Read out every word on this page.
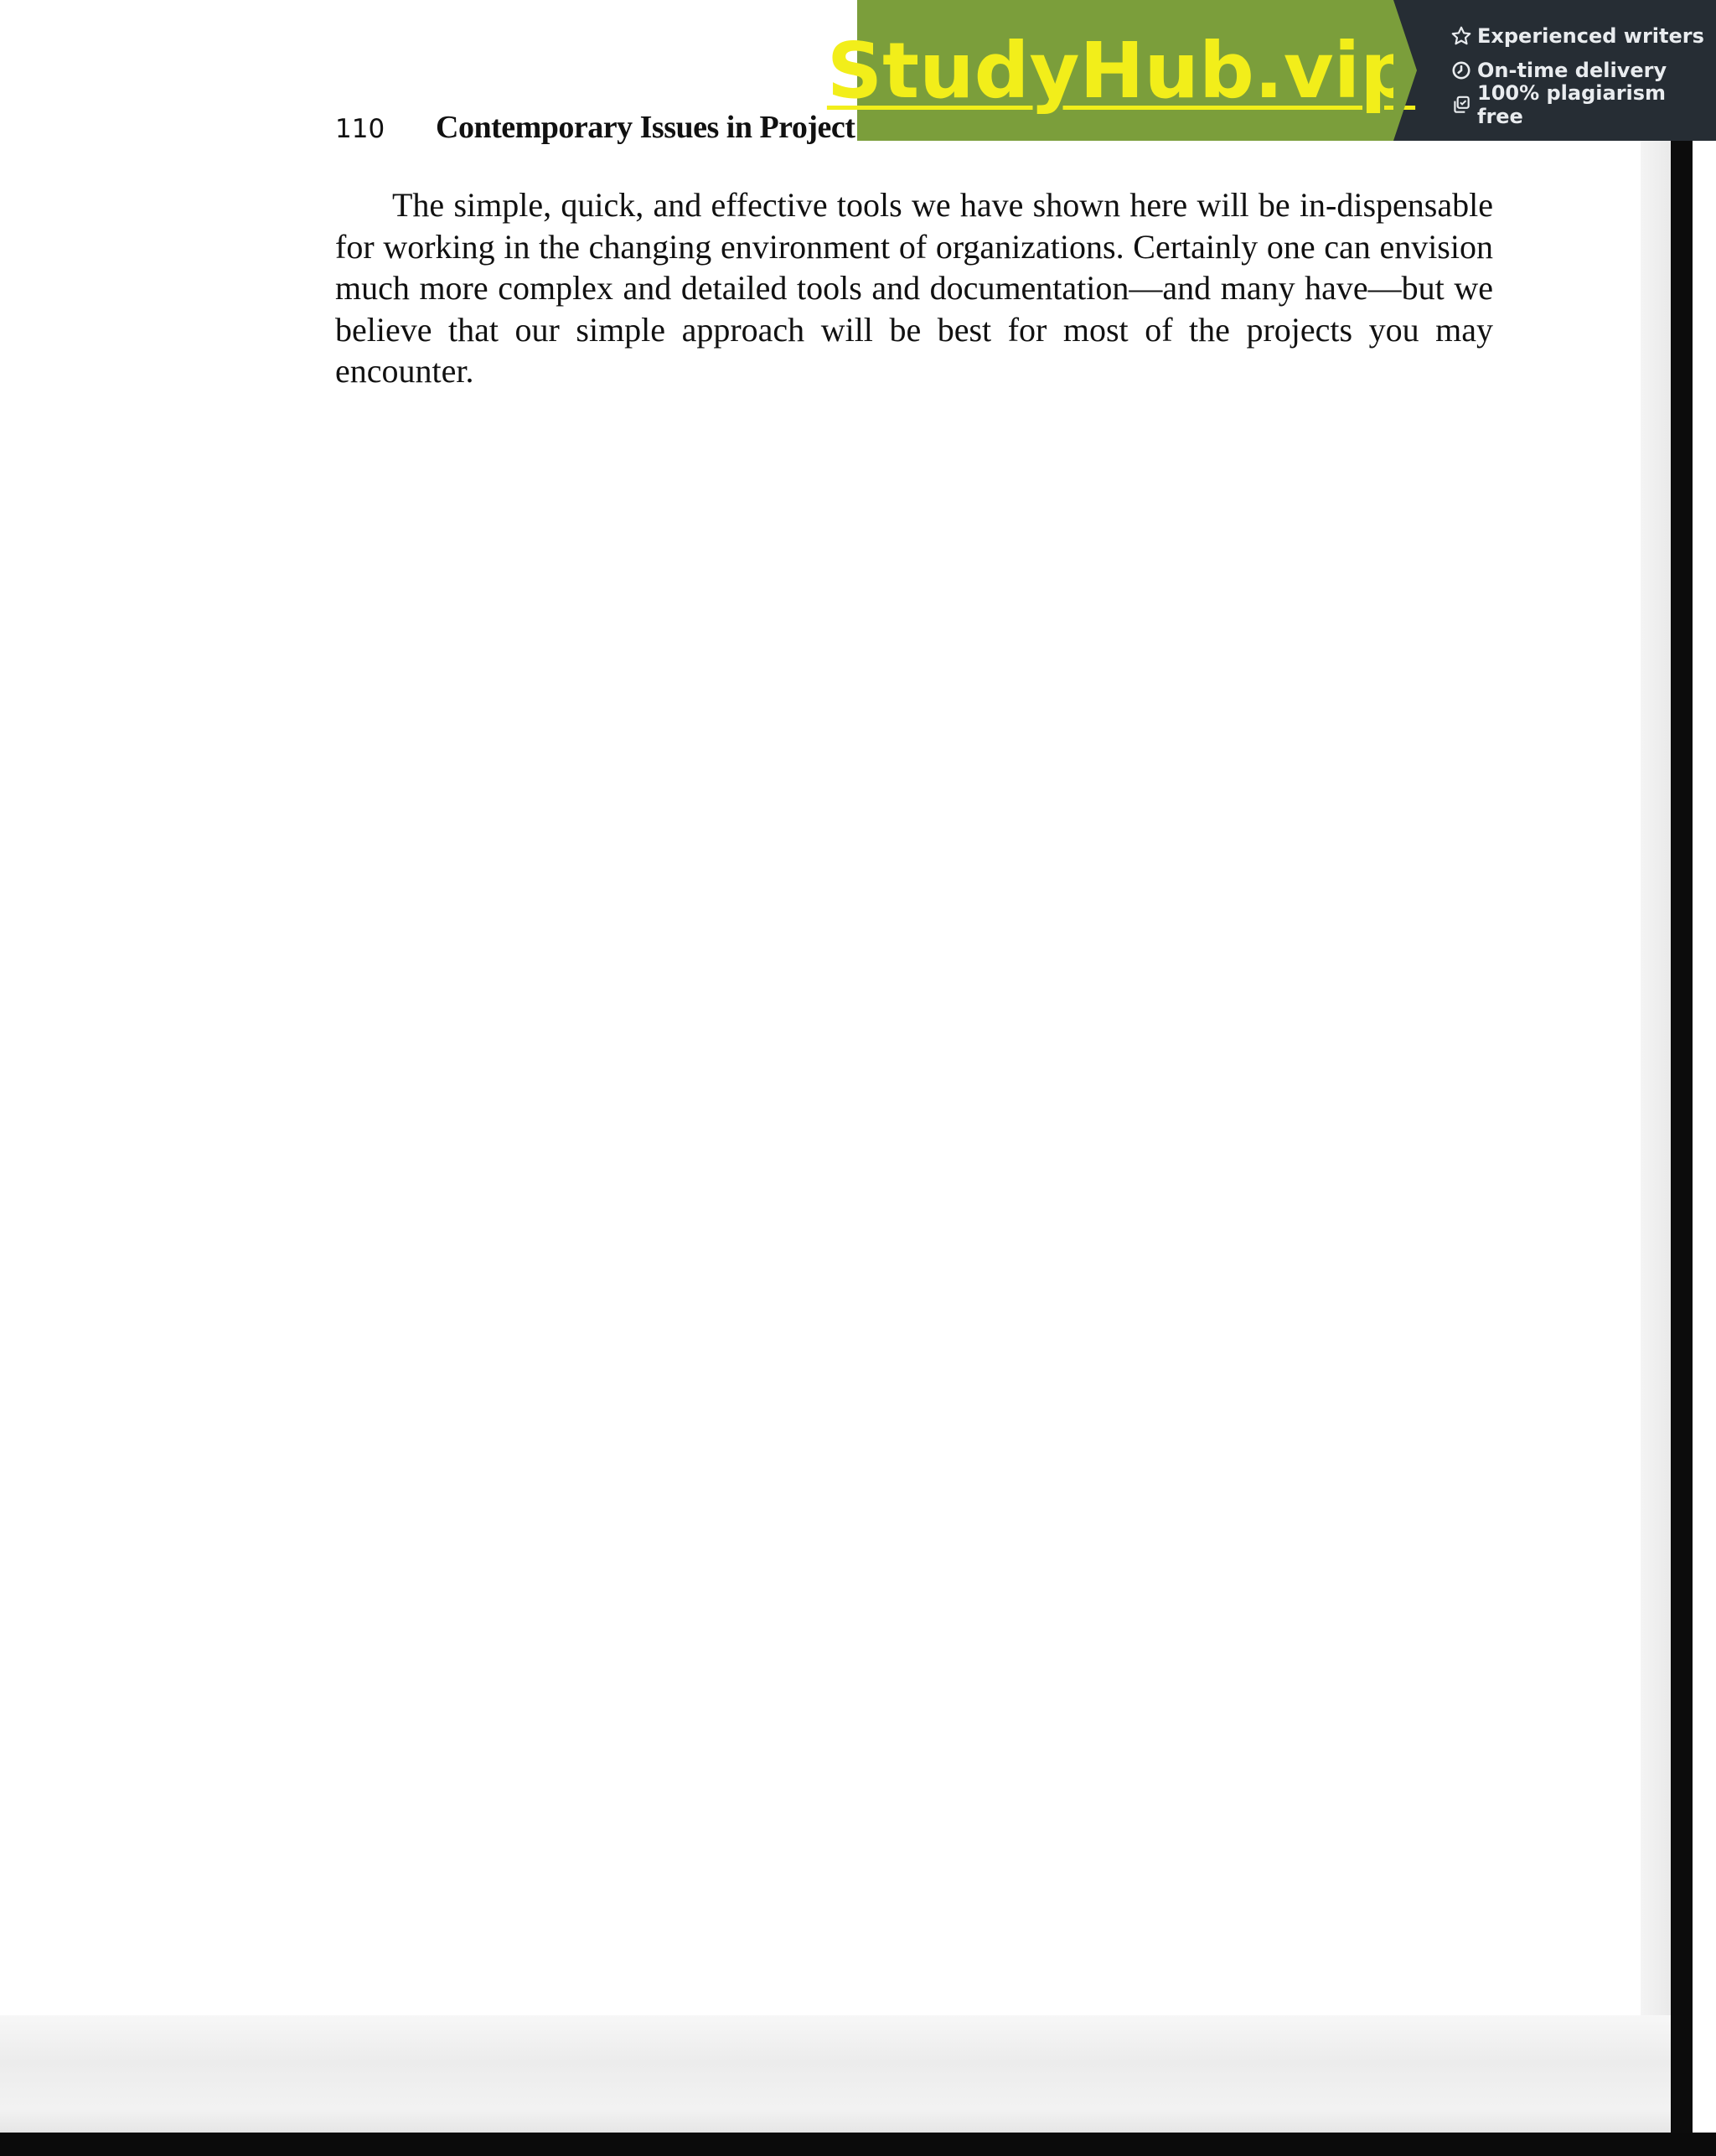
110	Contemporary Issues in Project

The simple, quick, and effective tools we have shown here will be in-dispensable for working in the changing environment of organizations. Certainly one can envision much more complex and detailed tools and documentation—and many have—but we believe that our simple approach will be best for most of the projects you may encounter.

StudyHub.vip	Experienced writers
On-time delivery
100% plagiarism free
